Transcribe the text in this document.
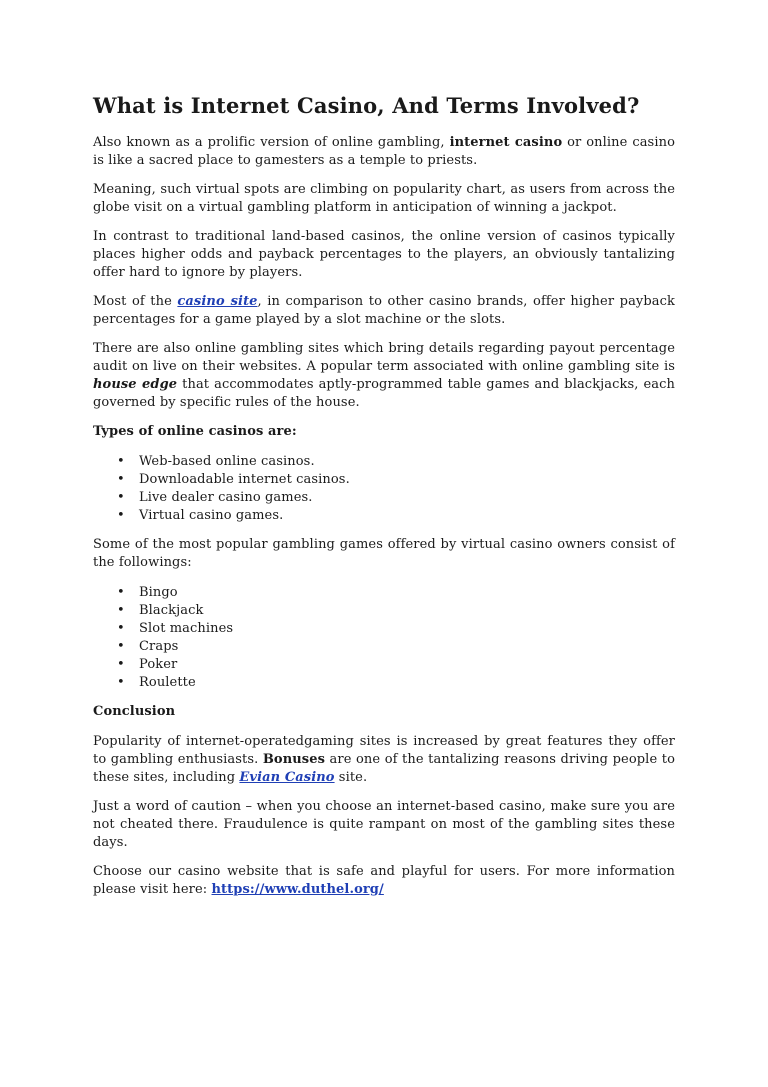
What is Internet Casino, And Terms Involved?

Also known as a prolific version of online gambling, internet casino or online casino is like a sacred place to gamesters as a temple to priests.

Meaning, such virtual spots are climbing on popularity chart, as users from across the globe visit on a virtual gambling platform in anticipation of winning a jackpot.

In contrast to traditional land-based casinos, the online version of casinos typically places higher odds and payback percentages to the players, an obviously tantalizing offer hard to ignore by players.

Most of the casino site, in comparison to other casino brands, offer higher payback percentages for a game played by a slot machine or the slots.

There are also online gambling sites which bring details regarding payout percentage audit on live on their websites. A popular term associated with online gambling site is house edge that accommodates aptly-programmed table games and blackjacks, each governed by specific rules of the house.

Types of online casinos are:

• Web-based online casinos.
• Downloadable internet casinos.
• Live dealer casino games.
• Virtual casino games.

Some of the most popular gambling games offered by virtual casino owners consist of the followings:

• Bingo
• Blackjack
• Slot machines
• Craps
• Poker
• Roulette

Conclusion

Popularity of internet-operatedgaming sites is increased by great features they offer to gambling enthusiasts. Bonuses are one of the tantalizing reasons driving people to these sites, including Evian Casino site.

Just a word of caution – when you choose an internet-based casino, make sure you are not cheated there. Fraudulence is quite rampant on most of the gambling sites these days.

Choose our casino website that is safe and playful for users. For more information please visit here: https://www.duthel.org/
